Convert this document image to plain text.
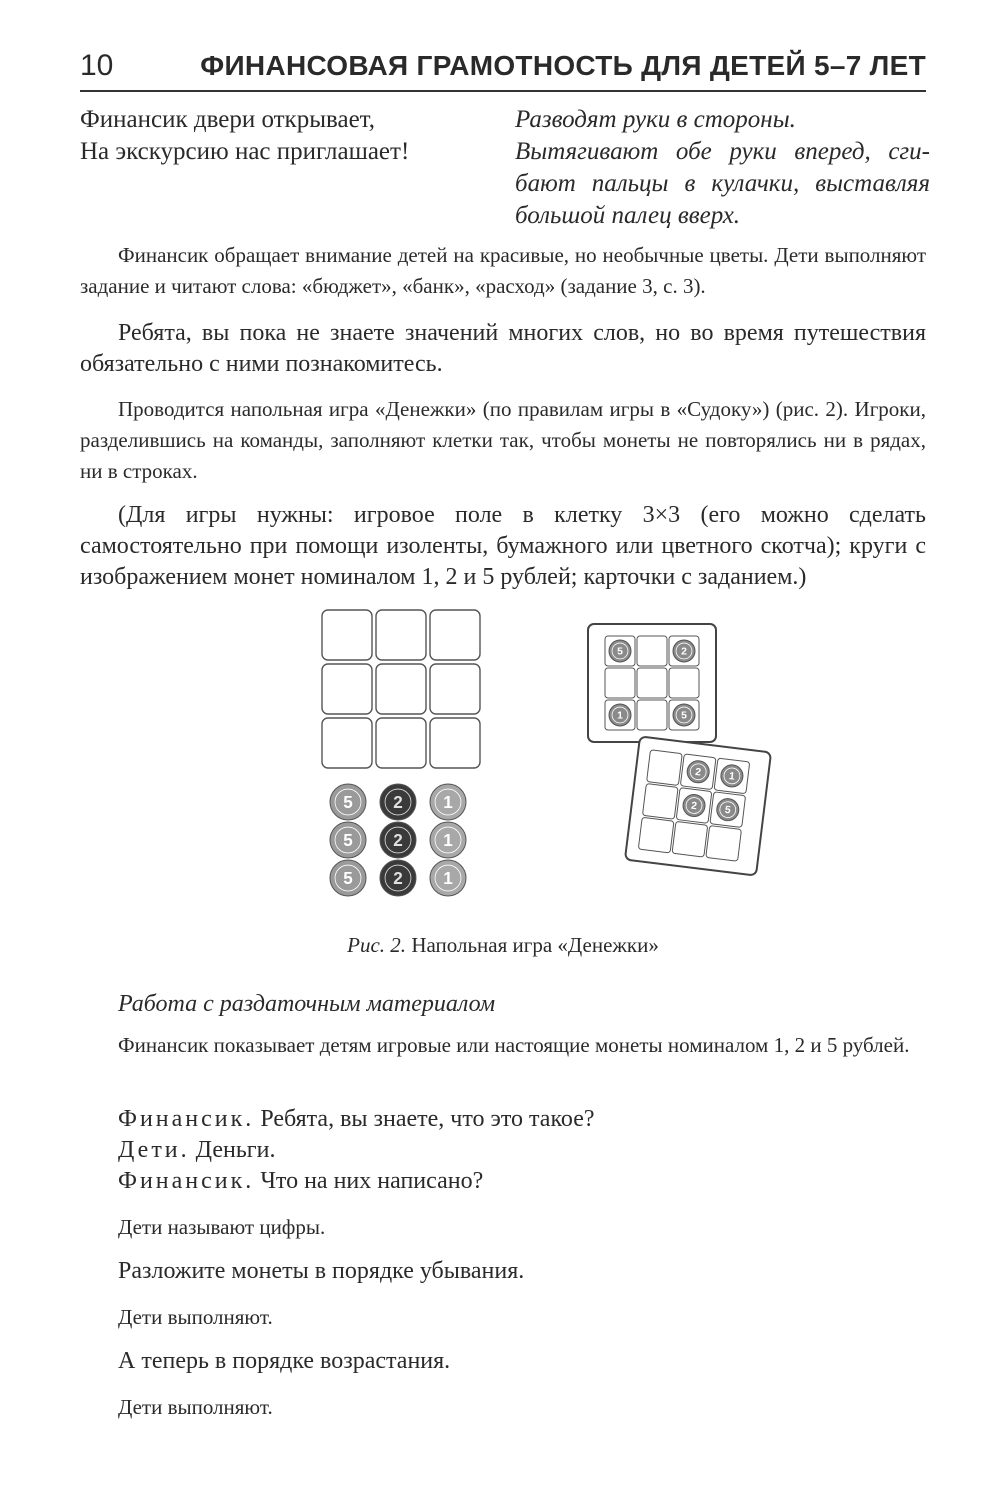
10	ФИНАНСОВАЯ ГРАМОТНОСТЬ ДЛЯ ДЕТЕЙ 5–7 ЛЕТ
Финансик двери открывает,
На экскурсию нас приглашает!
Разводят руки в стороны.
Вытягивают обе руки вперед, сги-
бают пальцы в кулачки, выставляя
большой палец вверх.

Финансик обращает внимание детей на красивые, но необычные цветы. Дети выполняют задание и читают слова: «бюджет», «банк», «расход» (задание 3, с. 3).

Ребята, вы пока не знаете значений многих слов, но во время путешествия обязательно с ними познакомитесь.

Проводится напольная игра «Денежки» (по правилам игры в «Судоку») (рис. 2). Игроки, разделившись на команды, заполняют клетки так, чтобы монеты не повторялись ни в рядах, ни в строках.

(Для игры нужны: игровое поле в клетку 3×3 (его можно сделать самостоятельно при помощи изоленты, бумажного или цветного скотча); круги с изображением монет номиналом 1, 2 и 5 рублей; карточки с заданием.)

5 2 1
5 2 1
5 2 1
5	2
1	5
2	1
2	5
Рис. 2. Напольная игра «Денежки»
Работа с раздаточным материалом

Финансик показывает детям игровые или настоящие монеты номиналом 1, 2 и 5 рублей.

Финансик. Ребята, вы знаете, что это такое?
Дети. Деньги.
Финансик. Что на них написано?

Дети называют цифры.

Разложите монеты в порядке убывания.

Дети выполняют.

А теперь в порядке возрастания.

Дети выполняют.
